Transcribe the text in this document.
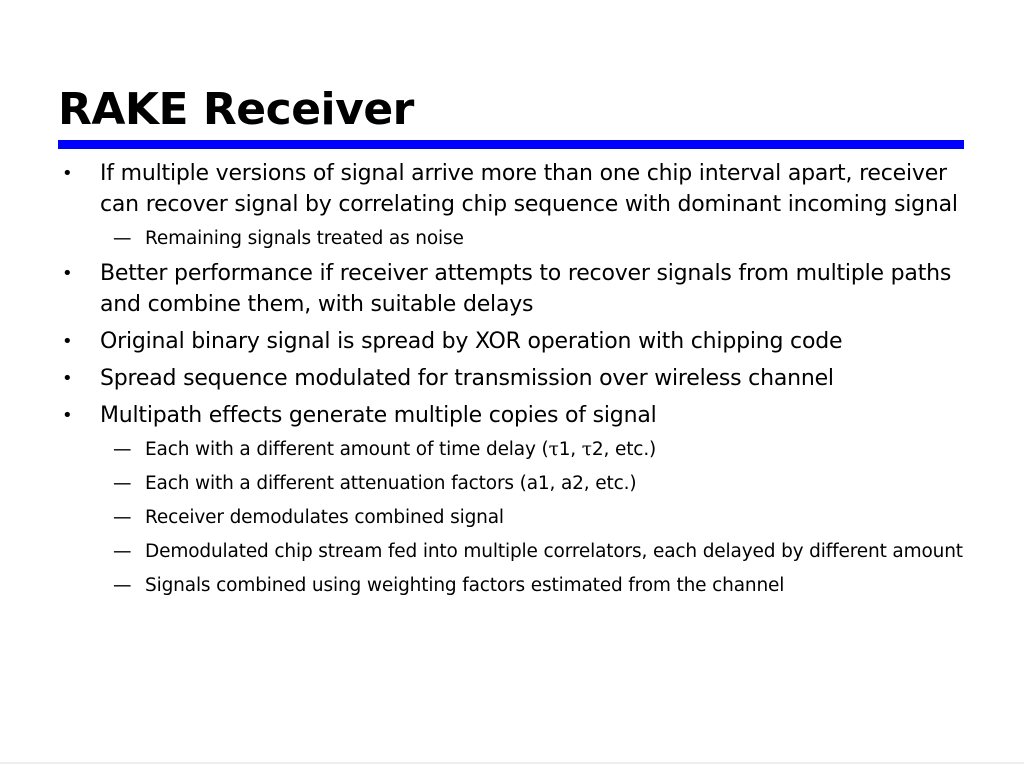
RAKE Receiver
•	If multiple versions of signal arrive more than one chip interval apart, receiver can recover signal by correlating chip sequence with dominant incoming signal
— Remaining signals treated as noise
•	Better performance if receiver attempts to recover signals from multiple paths and combine them, with suitable delays
•	Original binary signal is spread by XOR operation with chipping code
•	Spread sequence modulated for transmission over wireless channel
•	Multipath effects generate multiple copies of signal
— Each with a different amount of time delay (τ1, τ2, etc.)
— Each with a different attenuation factors (a1, a2, etc.)
— Receiver demodulates combined signal
— Demodulated chip stream fed into multiple correlators, each delayed by different amount
— Signals combined using weighting factors estimated from the channel
